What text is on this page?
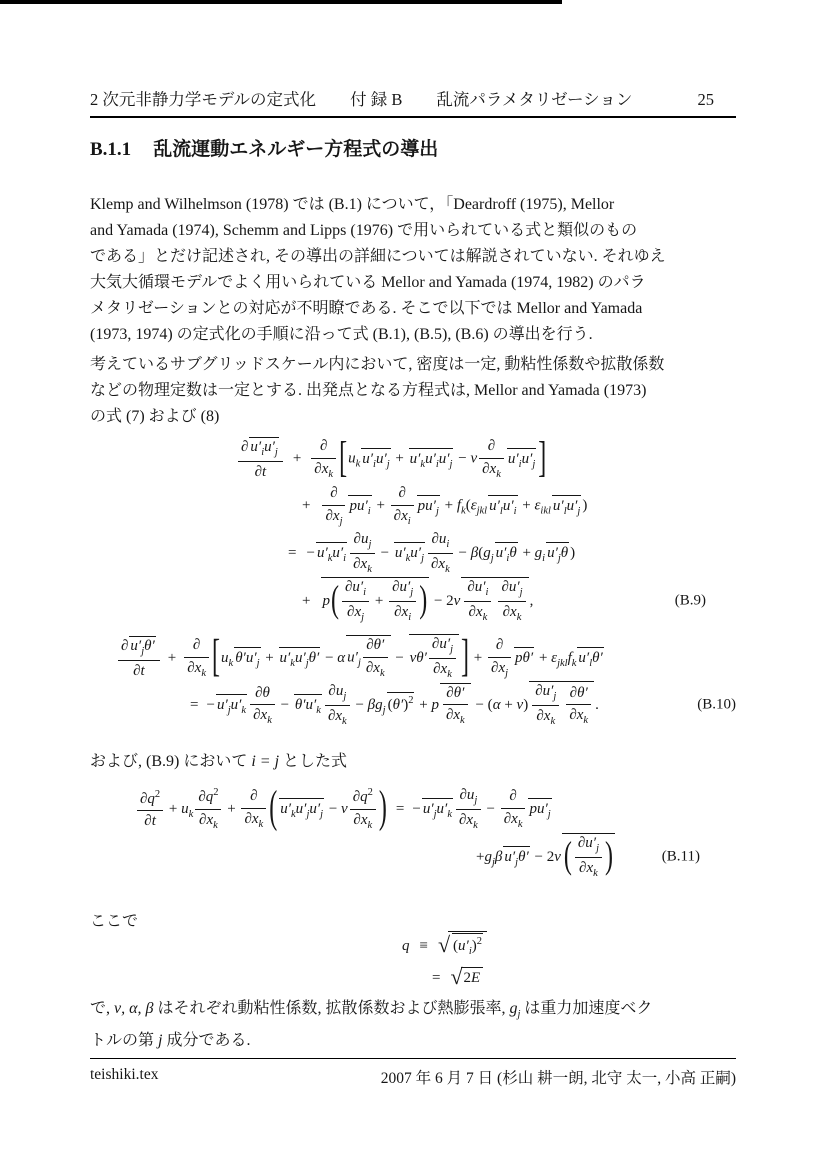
2 次元非静力学モデルの定式化 付 録 B 乱流パラメタリゼーション	25
B.1.1 乱流運動エネルギー方程式の導出
Klemp and Wilhelmson (1978) では (B.1) について，「Deardroff (1975), Mellor
and Yamada (1974), Schemm and Lipps (1976) で用いられている式と類似のもの
である」とだけ記述され, その導出の詳細については解説されていない. それゆえ
大気大循環モデルでよく用いられている Mellor and Yamada (1974, 1982) のパラ
メタリゼーションとの対応が不明瞭である. そこで以下では Mellor and Yamada
(1973, 1974) の定式化の手順に沿って式 (B.1), (B.5), (B.6) の導出を行う.
考えているサブグリッドスケール内において, 密度は一定, 動粘性係数や拡散係数
などの物理定数は一定とする. 出発点となる方程式は, Mellor and Yamada (1973)
の式 (7) および (8)
$\frac{\partial u'_iu'_j}{\partial t} + \frac{\partial}{\partial x_k} [u_k$ $u'_iu'_j + u'_ku'_iu'_j - \nu \frac{\partial}{\partial x_k} u'_iu'_j$ ]
+ $\frac{\partial}{\partial x_j} pu'_i + \frac{\partial}{\partial x_i} pu'_j + f_k(\varepsilon_{jkl}$ $u'_lu'_i + \varepsilon_{ikl}$ $u'_lu'_j$ )
= − $u'_ku'_i \frac{\partial u_j}{\partial x_k} - u'_ku'_j \frac{\partial u_i}{\partial x_k} - \beta(g_j$ $u'_i\theta + g_i$ $u'_j\theta$ )
+ $p( \frac{\partial u'_i}{\partial x_j} + \frac{\partial u'_j}{\partial x_i}$ ) − $2\nu \frac{\partial u'_i}{\partial x_k} \frac{\partial u'_j}{\partial x_k}$ ,	(B.9)
$\frac{\partial u'_j\theta'}{\partial t} + \frac{\partial}{\partial x_k} [u_k$ $\theta'u'_j + u'_ku'_j\theta' - \alpha$ $u'_j \frac{\partial\theta'}{\partial x_k} - \nu\theta' \frac{\partial u'_j}{\partial x_k}$ ] + $\frac{\partial}{\partial x_j} p\theta' + \varepsilon_{jkl}f_k$ $u'_l\theta'$
= − $u'_ju'_k \frac{\partial\theta}{\partial x_k} - \theta'u'_k \frac{\partial u_j}{\partial x_k} - \beta g_j$ $(\theta')^2 + p \frac{\partial\theta'}{\partial x_k} - (\alpha + \nu) \frac{\partial u'_j}{\partial x_k} \frac{\partial\theta'}{\partial x_k}$ .	(B.10)
および, (B.9) において i = j とした式
$\frac{\partial q^2}{\partial t} + u_k \frac{\partial q^2}{\partial x_k} + \frac{\partial}{\partial x_k}$ ( $u'_ku'_ju'_j - \nu \frac{\partial q^2}{\partial x_k}$ ) = − $u'_ju'_k \frac{\partial u_j}{\partial x_k} - \frac{\partial}{\partial x_k} pu'_j$
$+g_j\beta$ $u'_j\theta' - 2\nu$ ( $\frac{\partial u'_j}{\partial x_k}$ )	(B.11)
ここで
q ≡ √ $(u'_i)^2$
= √2E
で, ν, α, β はそれぞれ動粘性係数, 拡散係数および熱膨張率, $g_j$ は重力加速度ベク
トルの第 j 成分である.
teishiki.tex	2007 年 6 月 7 日 (杉山 耕一朗, 北守 太一, 小高 正嗣)
